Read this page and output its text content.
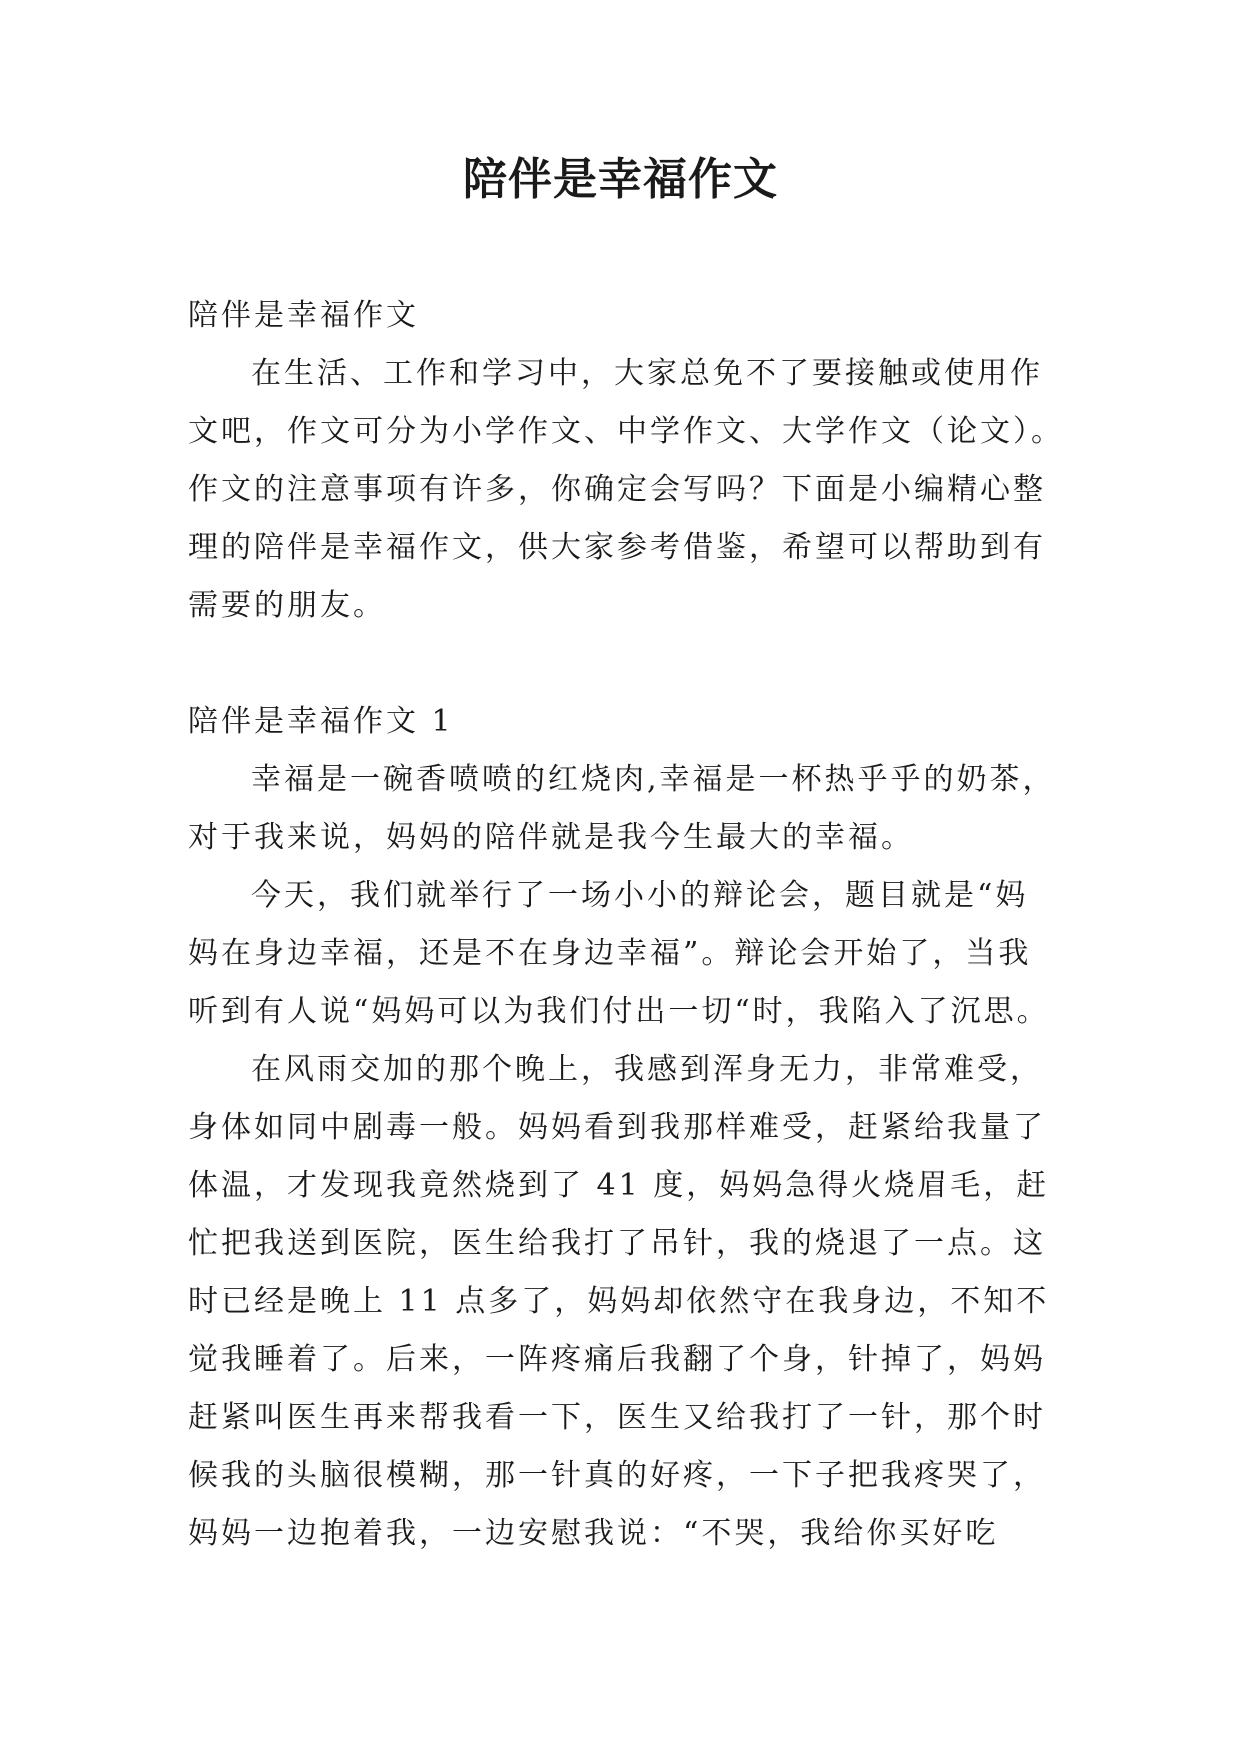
陪伴是幸福作文
陪伴是幸福作文
在生活、工作和学习中，大家总免不了要接触或使用作
文吧，作文可分为小学作文、中学作文、大学作文（论文）。
作文的注意事项有许多，你确定会写吗？下面是小编精心整
理的陪伴是幸福作文，供大家参考借鉴，希望可以帮助到有
需要的朋友。
陪伴是幸福作文 1
幸福是一碗香喷喷的红烧肉,幸福是一杯热乎乎的奶茶，
对于我来说，妈妈的陪伴就是我今生最大的幸福。
今天，我们就举行了一场小小的辩论会，题目就是“妈
妈在身边幸福，还是不在身边幸福”。辩论会开始了，当我
听到有人说“妈妈可以为我们付出一切“时，我陷入了沉思。
在风雨交加的那个晚上，我感到浑身无力，非常难受，
身体如同中剧毒一般。妈妈看到我那样难受，赶紧给我量了
体温，才发现我竟然烧到了 41 度，妈妈急得火烧眉毛，赶
忙把我送到医院，医生给我打了吊针，我的烧退了一点。这
时已经是晚上 11 点多了，妈妈却依然守在我身边，不知不
觉我睡着了。后来，一阵疼痛后我翻了个身，针掉了，妈妈
赶紧叫医生再来帮我看一下，医生又给我打了一针，那个时
候我的头脑很模糊，那一针真的好疼，一下子把我疼哭了，
妈妈一边抱着我，一边安慰我说：“不哭，我给你买好吃
